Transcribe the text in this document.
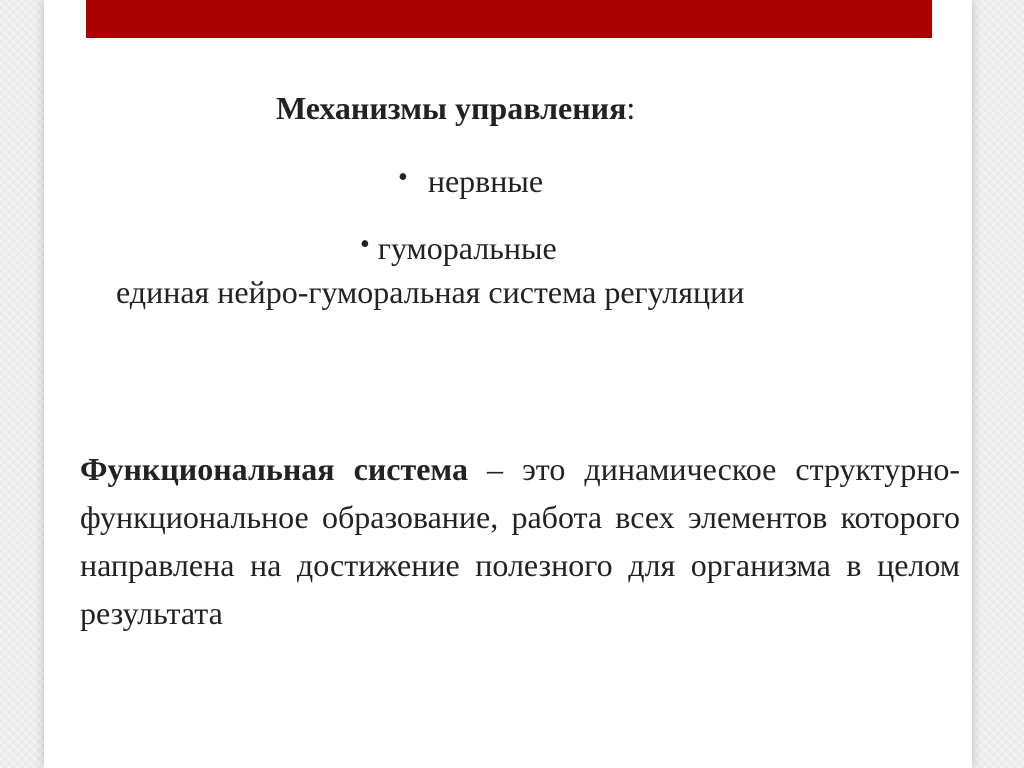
Механизмы управления:
• нервные
• гуморальные
единая нейро-гуморальная система регуляции

Функциональная система – это динамическое структурно-функциональное образование, работа всех элементов которого направлена на достижение полезного для организма в целом результата
